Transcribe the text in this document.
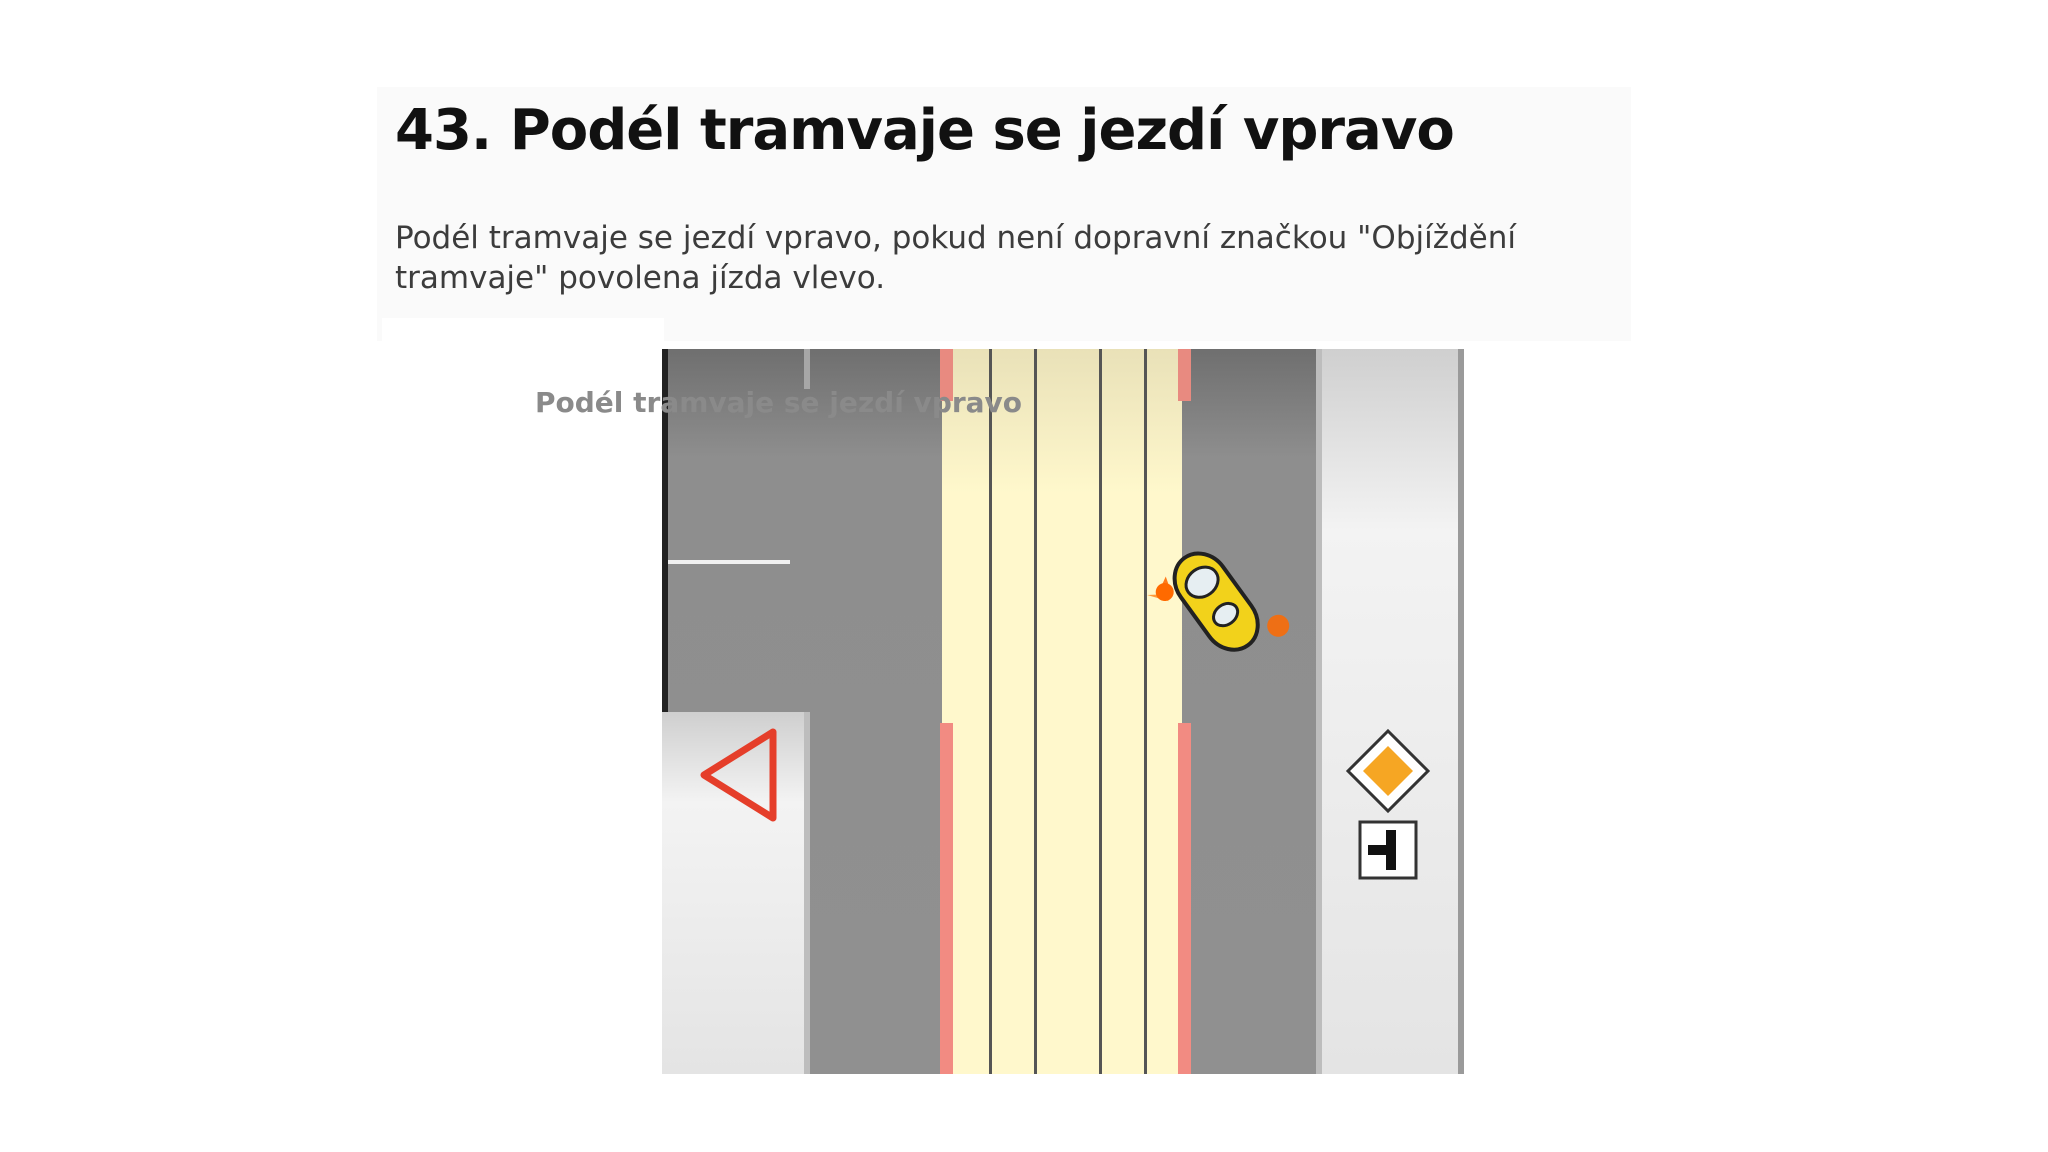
43. Podél tramvaje se jezdí vpravo

Podél tramvaje se jezdí vpravo, pokud není dopravní značkou "Objíždění tramvaje" povolena jízda vlevo.

Podél tramvaje se jezdí vpravo
